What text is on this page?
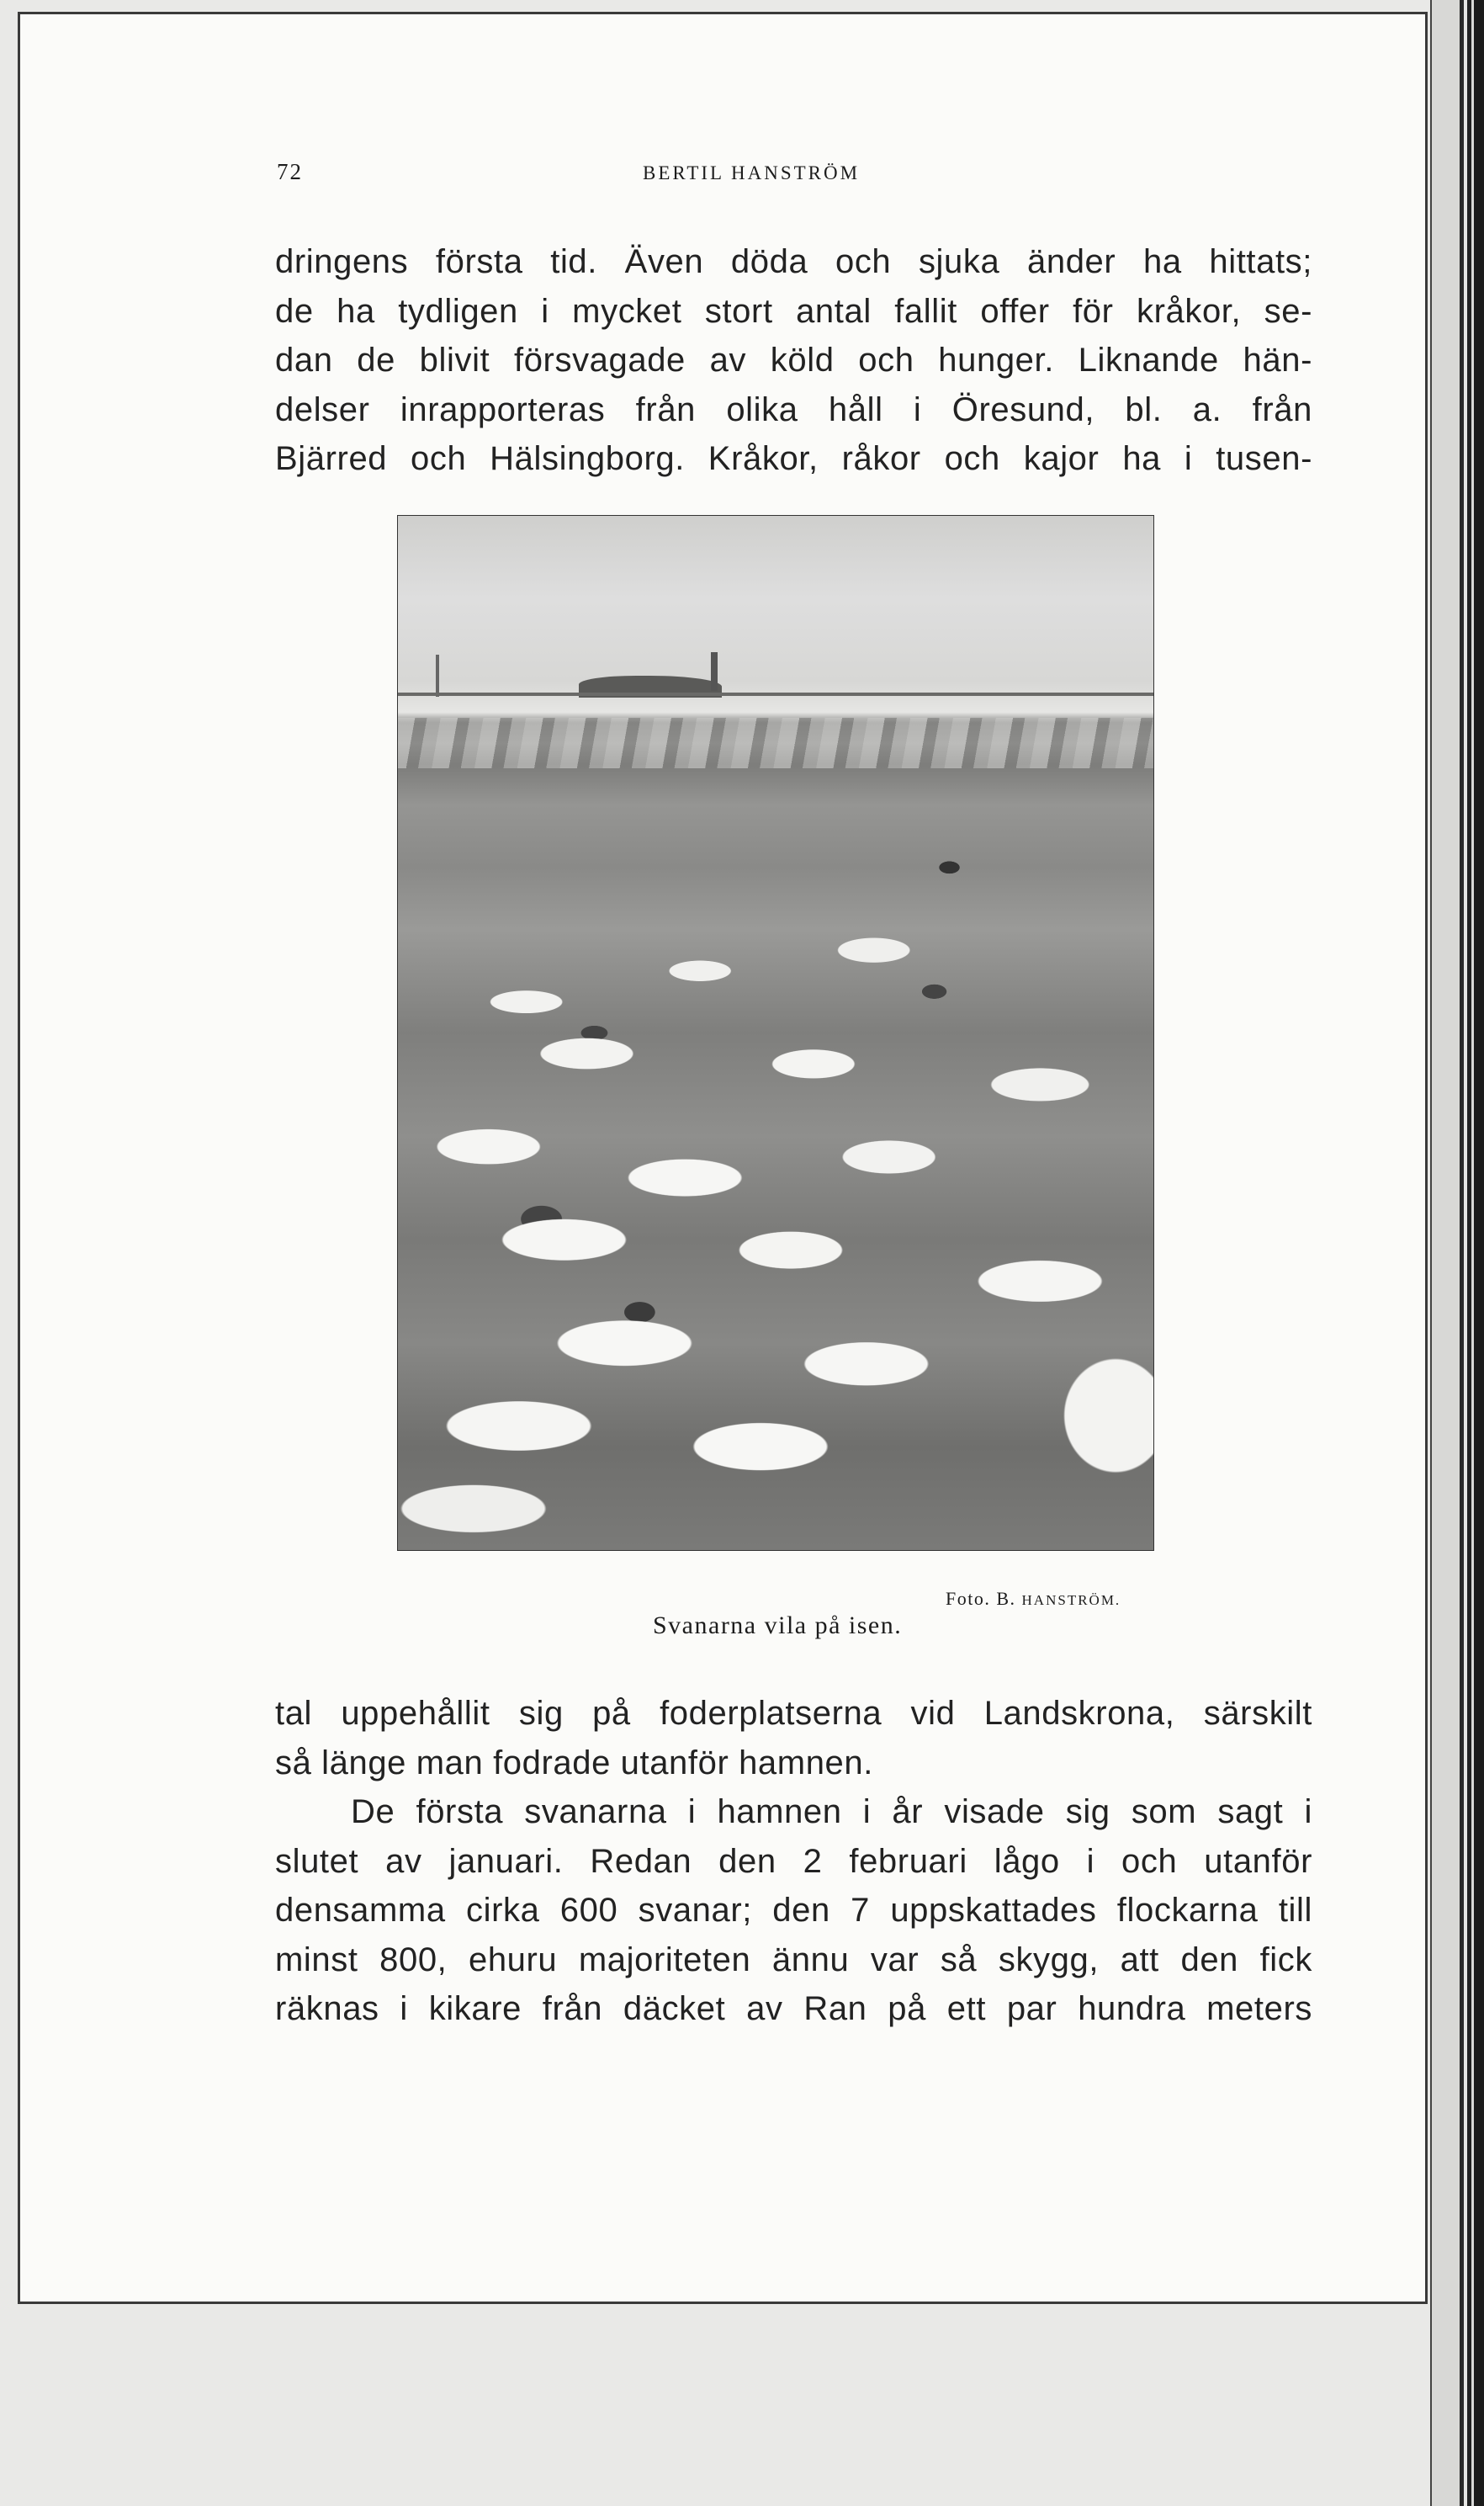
72	BERTIL HANSTRÖM
dringens första tid. Även döda och sjuka änder ha hittats;
de ha tydligen i mycket stort antal fallit offer för kråkor, se-
dan de blivit försvagade av köld och hunger. Liknande hän-
delser inrapporteras från olika håll i Öresund, bl. a. från
Bjärred och Hälsingborg. Kråkor, råkor och kajor ha i tusen-
Foto. B. HANSTRÖM.
Svanarna vila på isen.
tal uppehållit sig på foderplatserna vid Landskrona, särskilt
så länge man fodrade utanför hamnen.
De första svanarna i hamnen i år visade sig som sagt i
slutet av januari. Redan den 2 februari lågo i och utanför
densamma cirka 600 svanar; den 7 uppskattades flockarna till
minst 800, ehuru majoriteten ännu var så skygg, att den fick
räknas i kikare från däcket av Ran på ett par hundra meters
